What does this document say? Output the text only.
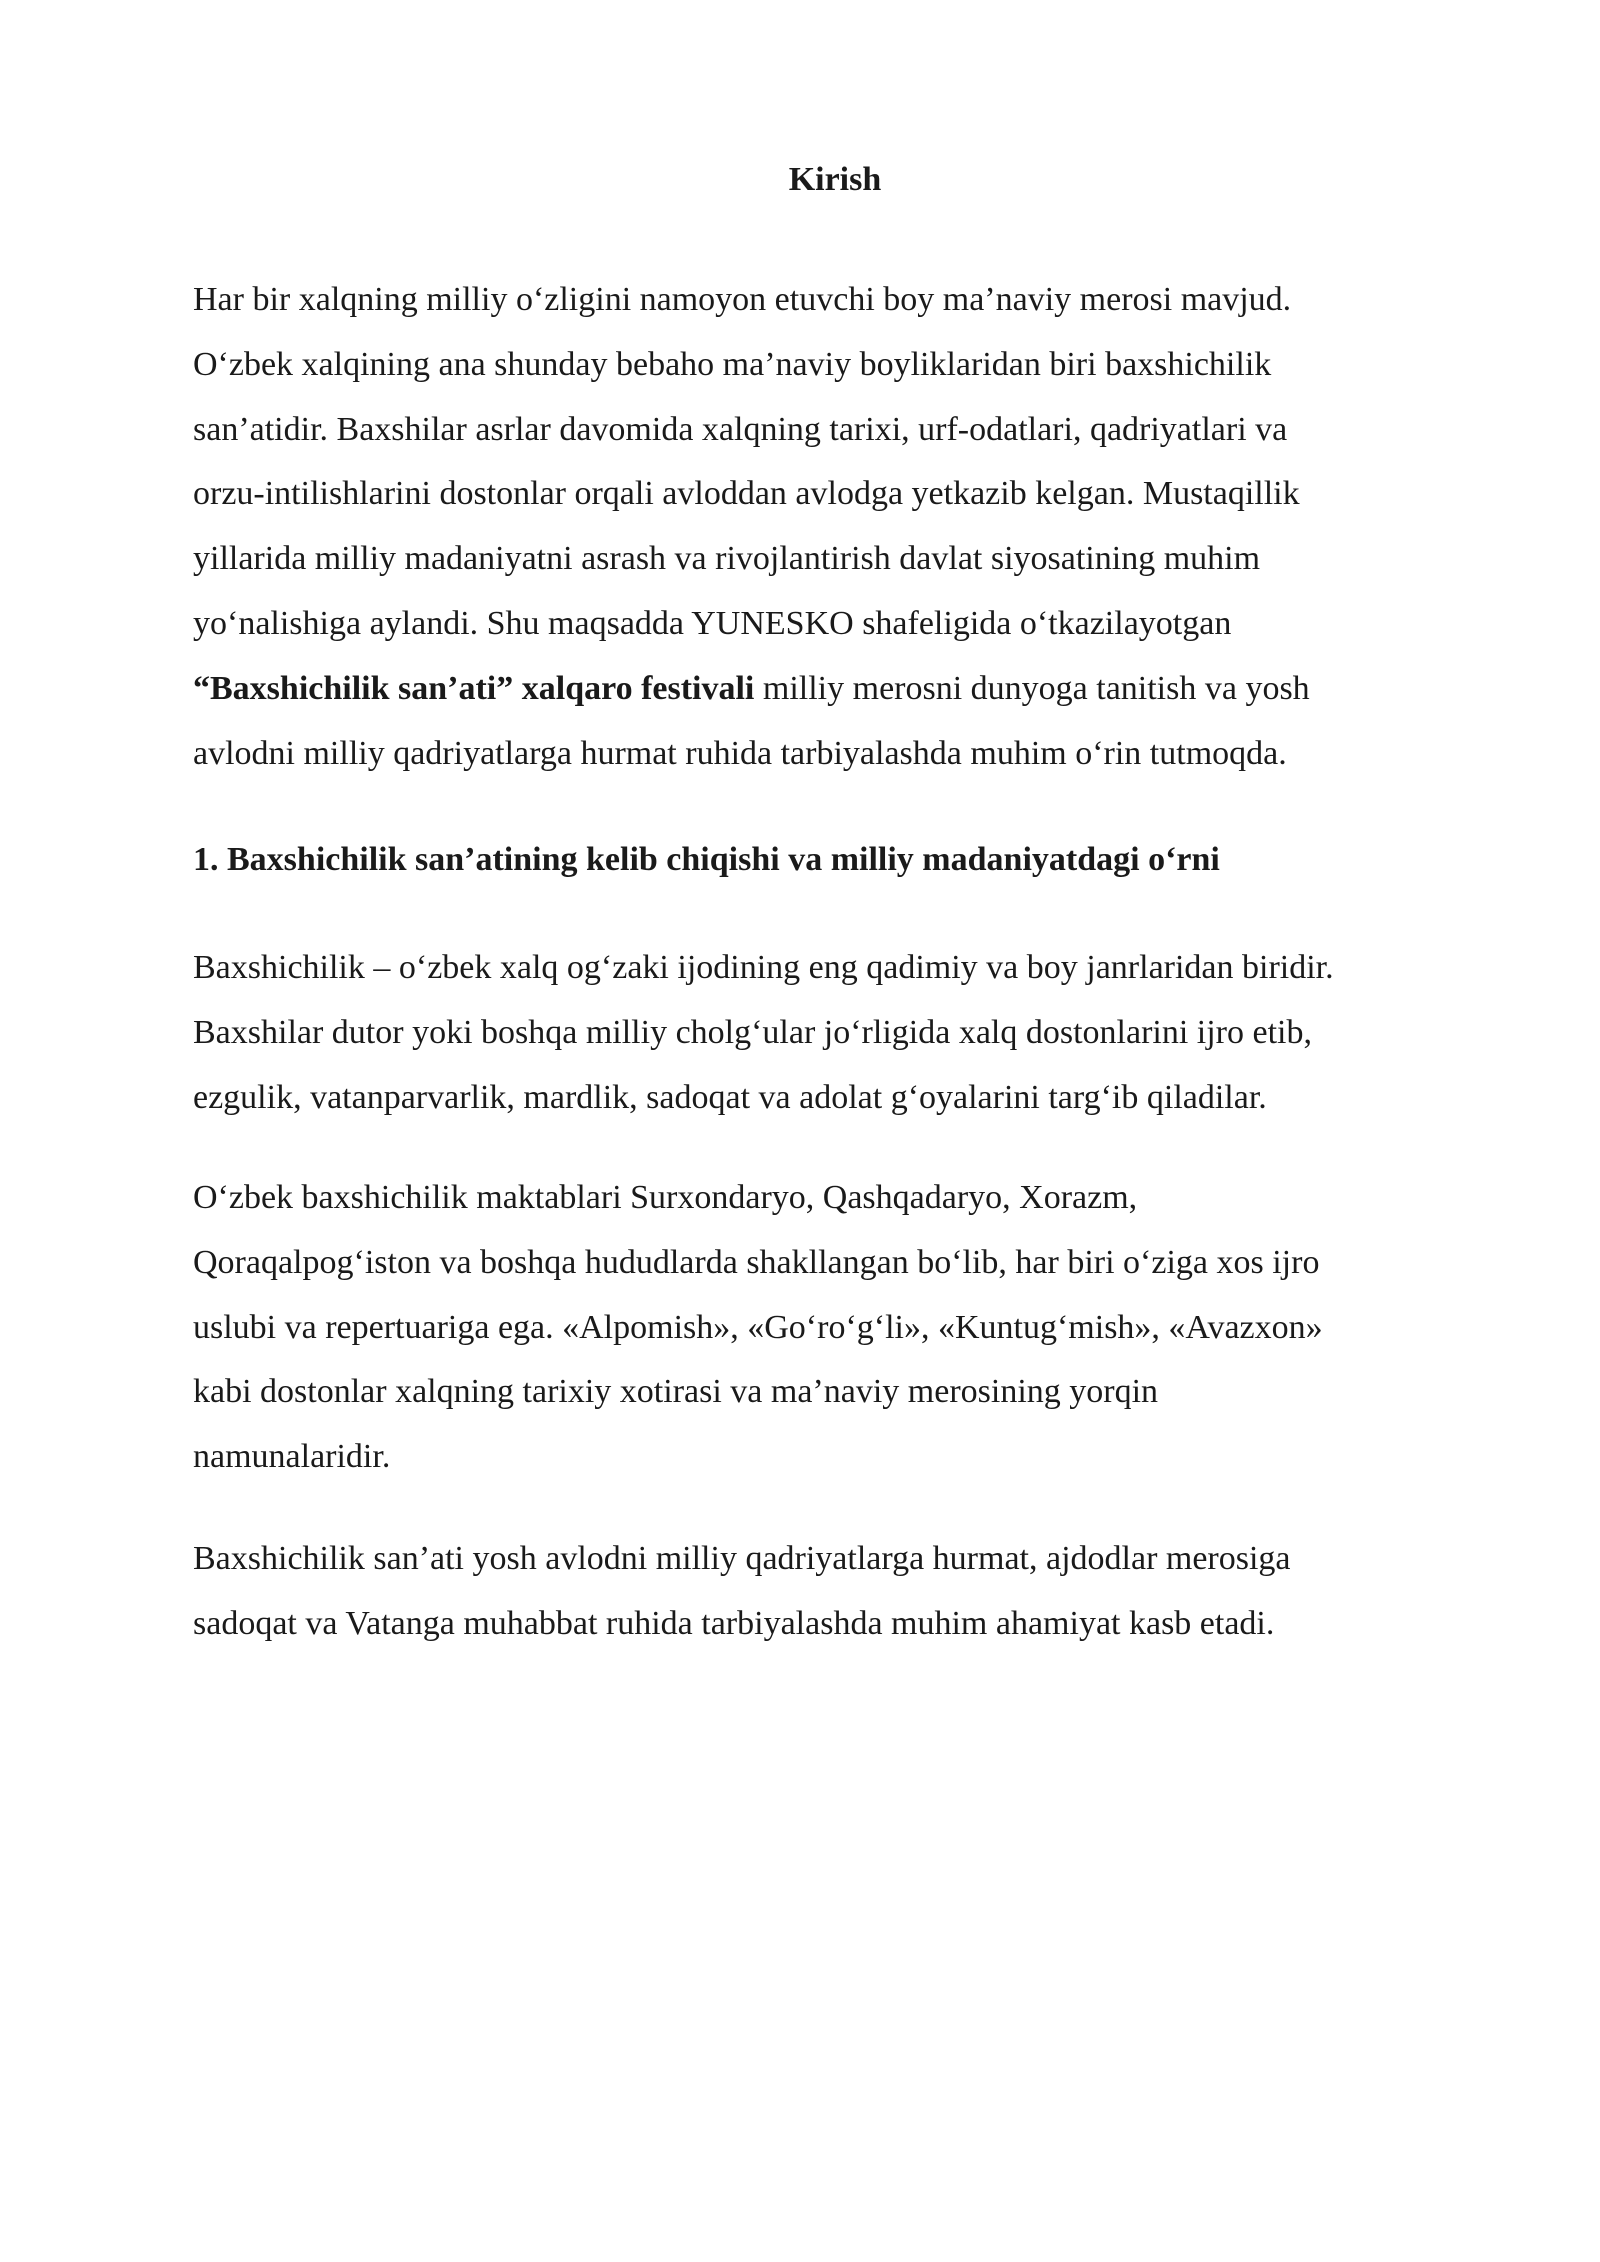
Kirish

Har bir xalqning milliy o‘zligini namoyon etuvchi boy ma’naviy merosi mavjud.
O‘zbek xalqining ana shunday bebaho ma’naviy boyliklaridan biri baxshichilik
san’atidir. Baxshilar asrlar davomida xalqning tarixi, urf-odatlari, qadriyatlari va
orzu-intilishlarini dostonlar orqali avloddan avlodga yetkazib kelgan. Mustaqillik
yillarida milliy madaniyatni asrash va rivojlantirish davlat siyosatining muhim
yo‘nalishiga aylandi. Shu maqsadda YUNESKO shafeligida o‘tkazilayotgan
“Baxshichilik san’ati” xalqaro festivali milliy merosni dunyoga tanitish va yosh
avlodni milliy qadriyatlarga hurmat ruhida tarbiyalashda muhim o‘rin tutmoqda.

1. Baxshichilik san’atining kelib chiqishi va milliy madaniyatdagi o‘rni

Baxshichilik – o‘zbek xalq og‘zaki ijodining eng qadimiy va boy janrlaridan biridir.
Baxshilar dutor yoki boshqa milliy cholg‘ular jo‘rligida xalq dostonlarini ijro etib,
ezgulik, vatanparvarlik, mardlik, sadoqat va adolat g‘oyalarini targ‘ib qiladilar.

O‘zbek baxshichilik maktablari Surxondaryo, Qashqadaryo, Xorazm,
Qoraqalpog‘iston va boshqa hududlarda shakllangan bo‘lib, har biri o‘ziga xos ijro
uslubi va repertuariga ega. «Alpomish», «Go‘ro‘g‘li», «Kuntug‘mish», «Avazxon»
kabi dostonlar xalqning tarixiy xotirasi va ma’naviy merosining yorqin
namunalaridir.

Baxshichilik san’ati yosh avlodni milliy qadriyatlarga hurmat, ajdodlar merosiga
sadoqat va Vatanga muhabbat ruhida tarbiyalashda muhim ahamiyat kasb etadi.
